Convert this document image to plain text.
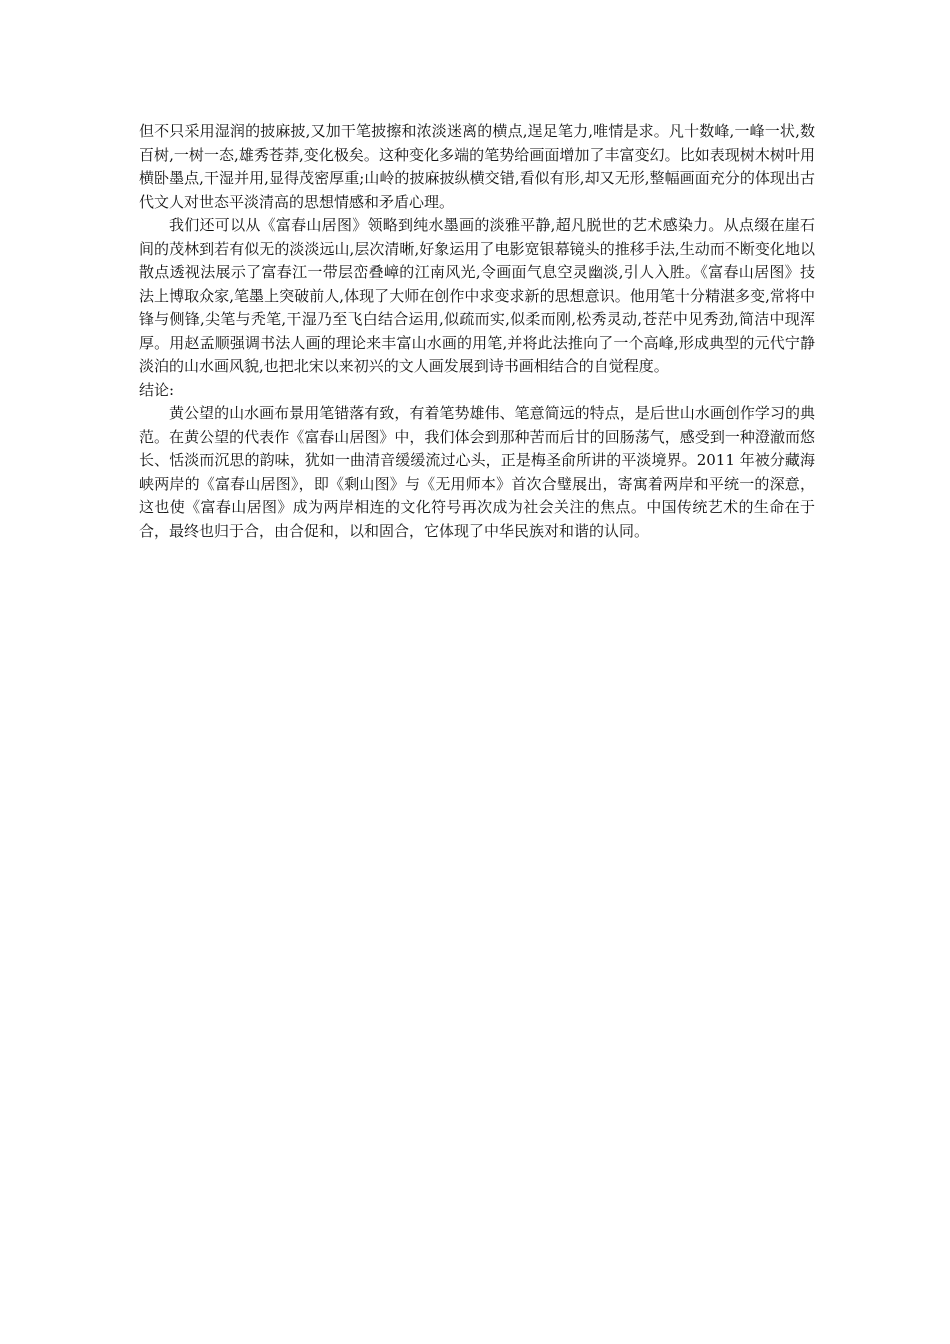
但不只采用湿润的披麻披,又加干笔披擦和浓淡迷离的横点,逞足笔力,唯情是求。凡十数峰,一峰一状,数百树,一树一态,雄秀苍莽,变化极矣。这种变化多端的笔势给画面增加了丰富变幻。比如表现树木树叶用横卧墨点,干湿并用,显得茂密厚重;山岭的披麻披纵横交错,看似有形,却又无形,整幅画面充分的体现出古代文人对世态平淡清高的思想情感和矛盾心理。

我们还可以从《富春山居图》领略到纯水墨画的淡雅平静,超凡脱世的艺术感染力。从点缀在崖石间的茂林到若有似无的淡淡远山,层次清晰,好象运用了电影宽银幕镜头的推移手法,生动而不断变化地以散点透视法展示了富春江一带层峦叠嶂的江南风光,令画面气息空灵幽淡,引人入胜。《富春山居图》技法上博取众家,笔墨上突破前人,体现了大师在创作中求变求新的思想意识。他用笔十分精湛多变,常将中锋与侧锋,尖笔与秃笔,干湿乃至飞白结合运用,似疏而实,似柔而刚,松秀灵动,苍茫中见秀劲,简洁中现浑厚。用赵孟顺强调书法人画的理论来丰富山水画的用笔,并将此法推向了一个高峰,形成典型的元代宁静淡泊的山水画风貌,也把北宋以来初兴的文人画发展到诗书画相结合的自觉程度。

结论:

黄公望的山水画布景用笔错落有致，有着笔势雄伟、笔意简远的特点，是后世山水画创作学习的典范。在黄公望的代表作《富春山居图》中，我们体会到那种苦而后甘的回肠荡气，感受到一种澄澈而悠长、恬淡而沉思的韵味，犹如一曲清音缓缓流过心头，正是梅圣俞所讲的平淡境界。2011 年被分藏海峡两岸的《富春山居图》，即《剩山图》与《无用师本》首次合璧展出，寄寓着两岸和平统一的深意，这也使《富春山居图》成为两岸相连的文化符号再次成为社会关注的焦点。中国传统艺术的生命在于合，最终也归于合，由合促和，以和固合，它体现了中华民族对和谐的认同。
